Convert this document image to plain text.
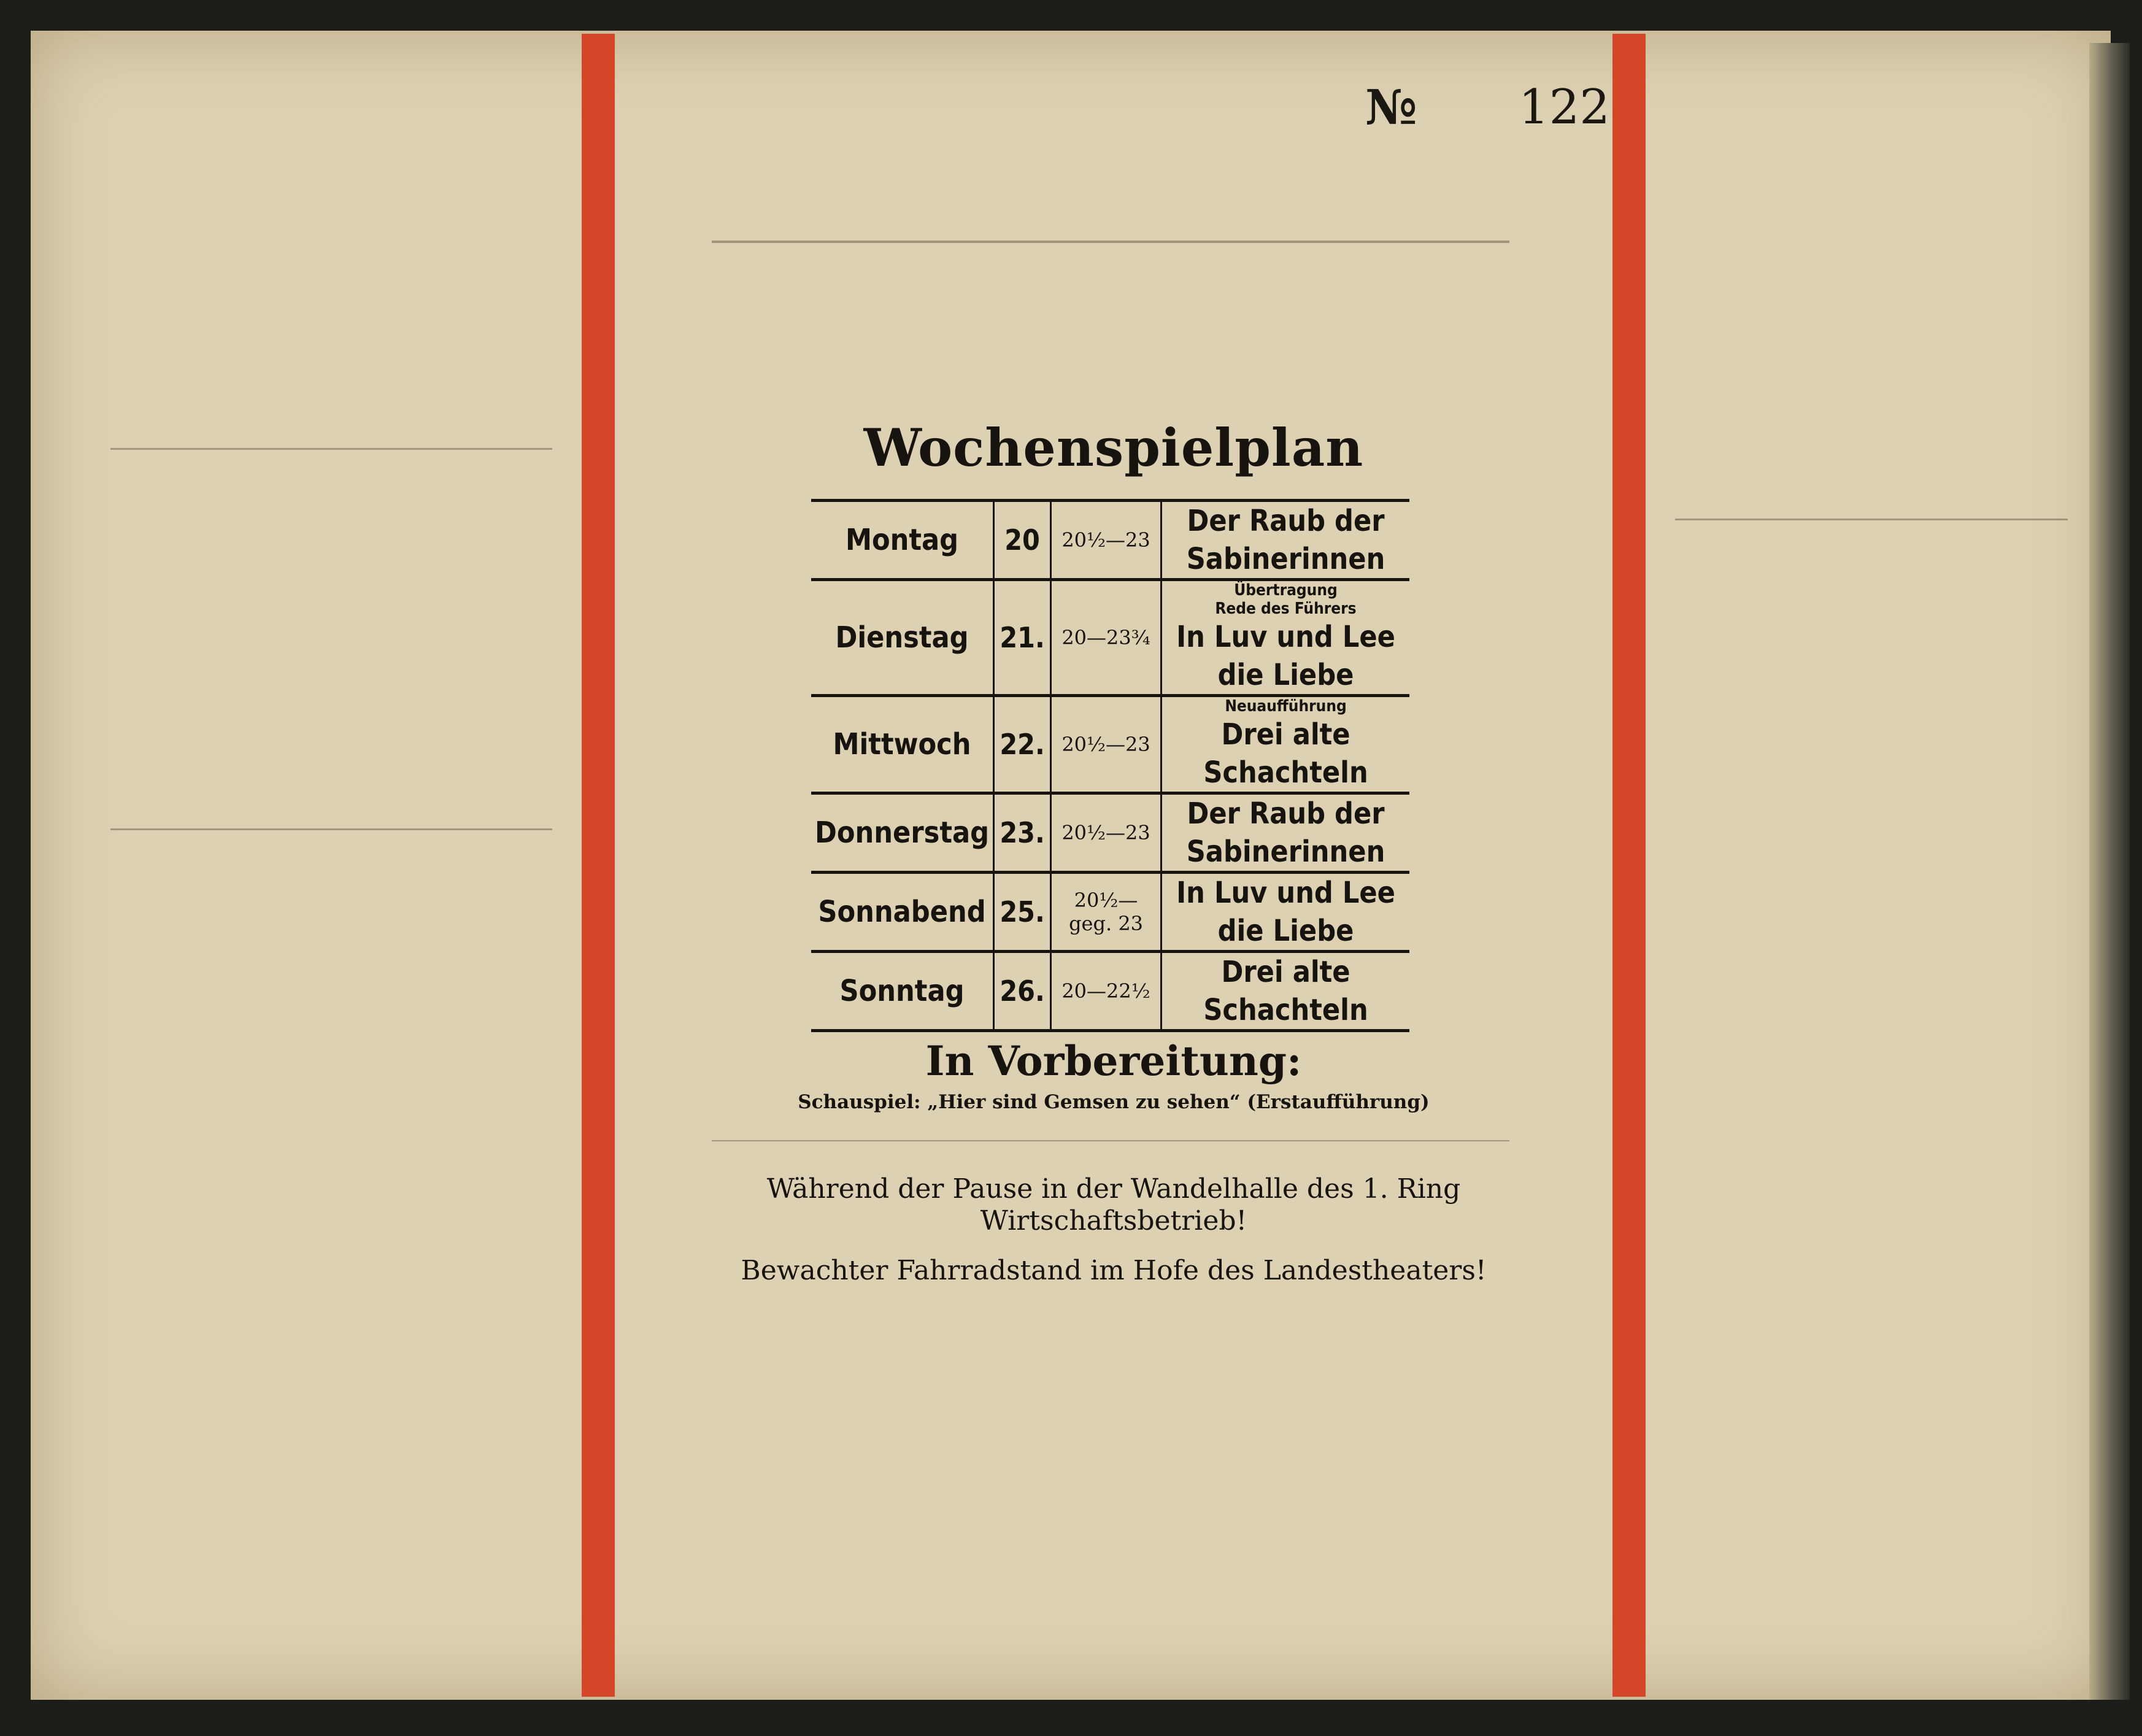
№ 122
Wochenspielplan
Montag	20	20½—23	Der Raub der Sabinerinnen

Dienstag	21.	20—23¾	Übertragung
Rede des Führers
In Luv und Lee die Liebe

Mittwoch	22.	20½—23	Neuaufführung
Drei alte Schachteln

Donnerstag	23.	20½—23	Der Raub der Sabinerinnen

Sonnabend	25.	20½—
geg. 23	In Luv und Lee die Liebe

Sonntag	26.	20—22½	Drei alte Schachteln
In Vorbereitung:
Schauspiel: „Hier sind Gemsen zu sehen“ (Erstaufführung)
Während der Pause in der Wandelhalle des 1. Ring
Wirtschaftsbetrieb!
Bewachter Fahrradstand im Hofe des Landestheaters!
